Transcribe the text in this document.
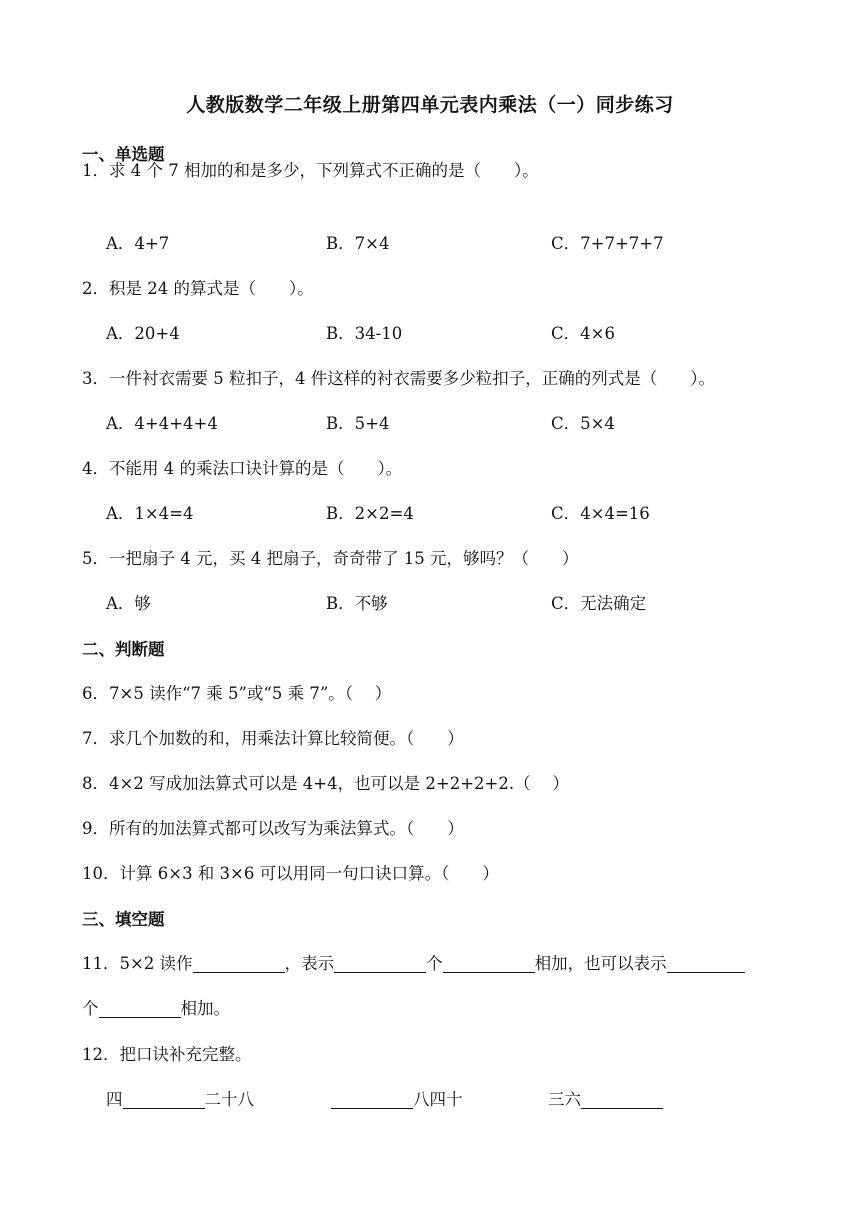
人教版数学二年级上册第四单元表内乘法（一）同步练习
一、单选题
1．求 4 个 7 相加的和是多少，下列算式不正确的是（　　）。
A．4+7	B．7×4	C．7+7+7+7
2．积是 24 的算式是（　　）。
A．20+4	B．34-10	C．4×6
3．一件衬衣需要 5 粒扣子，4 件这样的衬衣需要多少粒扣子，正确的列式是（　　）。
A．4+4+4+4	B．5+4	C．5×4
4．不能用 4 的乘法口诀计算的是（　　）。
A．1×4=4	B．2×2=4	C．4×4=16
5．一把扇子 4 元，买 4 把扇子，奇奇带了 15 元，够吗？（　　）
A．够	B．不够	C．无法确定
二、判断题
6．7×5 读作“7 乘 5”或“5 乘 7”。（　 ）
7．求几个加数的和，用乘法计算比较简便。（　　）
8．4×2 写成加法算式可以是 4+4，也可以是 2+2+2+2.（　 ）
9．所有的加法算式都可以改写为乘法算式。（　　）
10．计算 6×3 和 3×6 可以用同一句口诀口算。（　　）
三、填空题
11．5×2 读作	，表示	个	相加，也可以表示
个	相加。
12．把口诀补充完整。
四	二十八	八四十	三六
